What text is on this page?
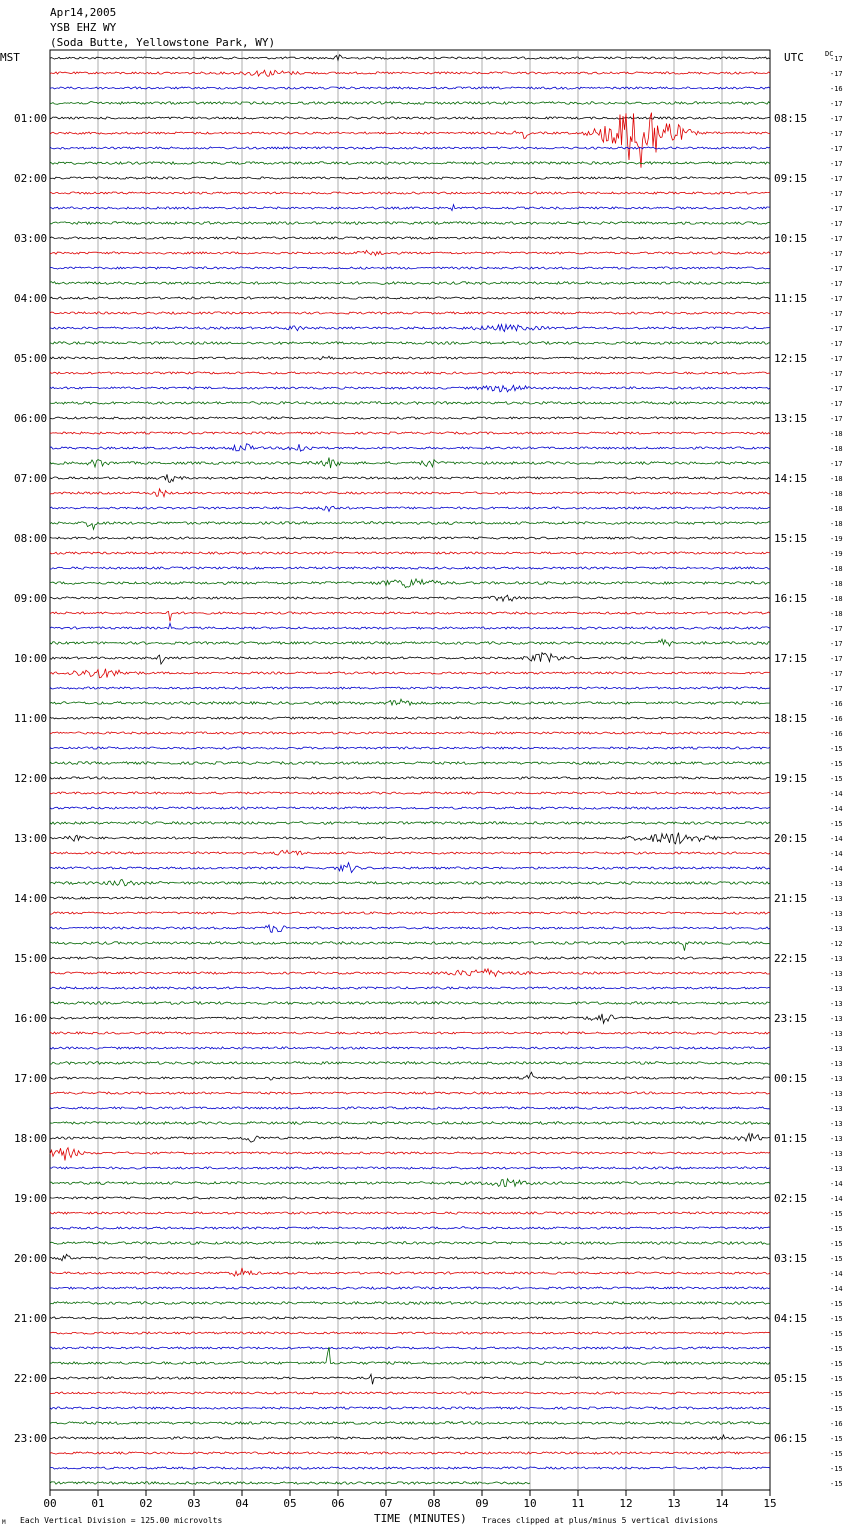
Apr14,2005
YSB EHZ WY
(Soda Butte, Yellowstone Park, WY)
-17
-17
-16
-17
-17
-17
-17
-17
-17
-17
-17
-17
-17
-17
-17
-17
-17
-17
-17
-17
-17
-17
-17
-17
-17
-18
-18
-17
-18
-18
-18
-18
-19
-19
-18
-18
-18
-18
-17
-17
-17
-17
-17
-16
-16
-16
-15
-15
-15
-14
-14
-15
-14
-14
-14
-13
-13
-13
-13
-12
-13
-13
-13
-13
-13
-13
-13
-13
-13
-13
-13
-13
-13
-13
-13
-14
-14
-15
-15
-15
-15
-14
-14
-15
-15
-15
-15
-15
-15
-15
-15
-16
-15
-15
-15
-15
01:00
02:00
03:00
04:00
05:00
06:00
07:00
08:00
09:00
10:00
11:00
12:00
13:00
14:00
15:00
16:00
17:00
18:00
19:00
20:00
21:00
22:00
23:00
08:15
09:15
10:15
11:15
12:15
13:15
14:15
15:15
16:15
17:15
18:15
19:15
20:15
21:15
22:15
23:15
00:15
01:15
02:15
03:15
04:15
05:15
06:15
00	01	02	03	04	05	06	07	08	09	10	11	12	13	14	15
MST	UTC	DC
TIME (MINUTES)
Each Vertical Division = 125.00 microvolts	Traces clipped at plus/minus 5 vertical divisions
M
